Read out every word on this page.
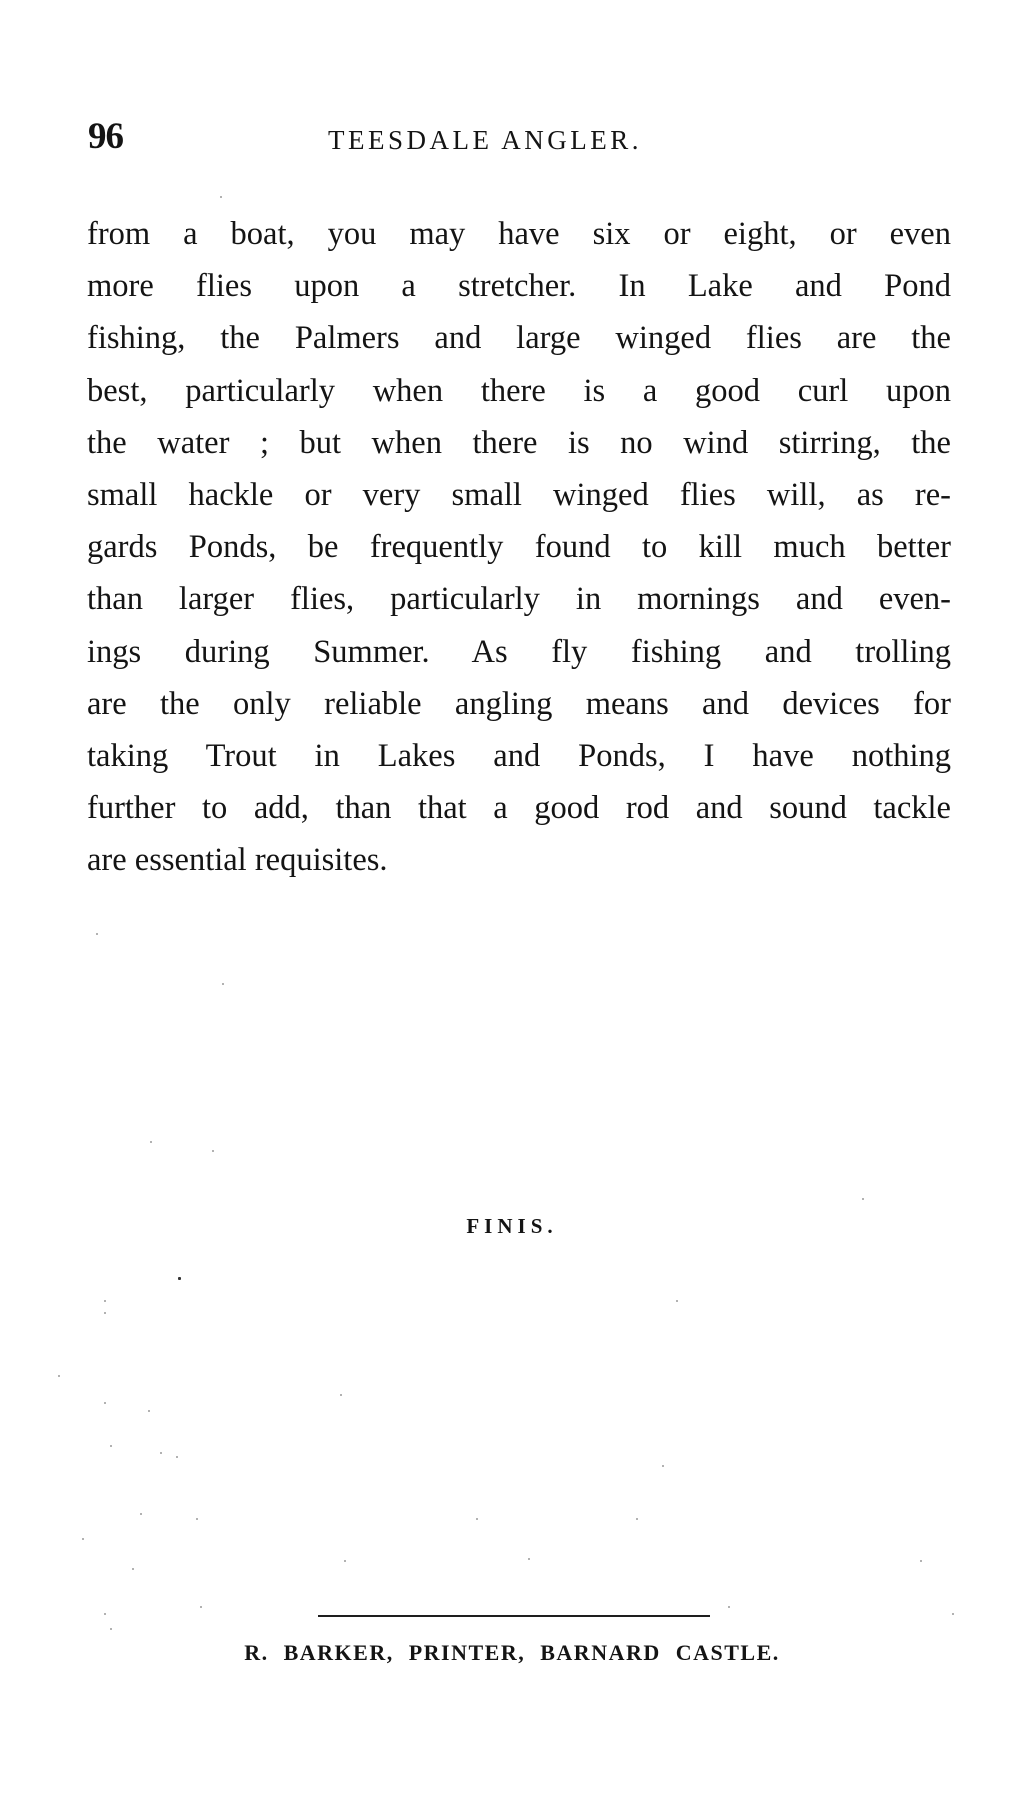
96	TEESDALE ANGLER.

from a boat, you may have six or eight, or even
more flies upon a stretcher. In Lake and Pond
fishing, the Palmers and large winged flies are the
best, particularly when there is a good curl upon
the water ; but when there is no wind stirring, the
small hackle or very small winged flies will, as re-
gards Ponds, be frequently found to kill much better
than larger flies, particularly in mornings and even-
ings during Summer. As fly fishing and trolling
are the only reliable angling means and devices for
taking Trout in Lakes and Ponds, I have nothing
further to add, than that a good rod and sound tackle
are essential requisites.

FINIS.
R. BARKER, PRINTER, BARNARD CASTLE.
